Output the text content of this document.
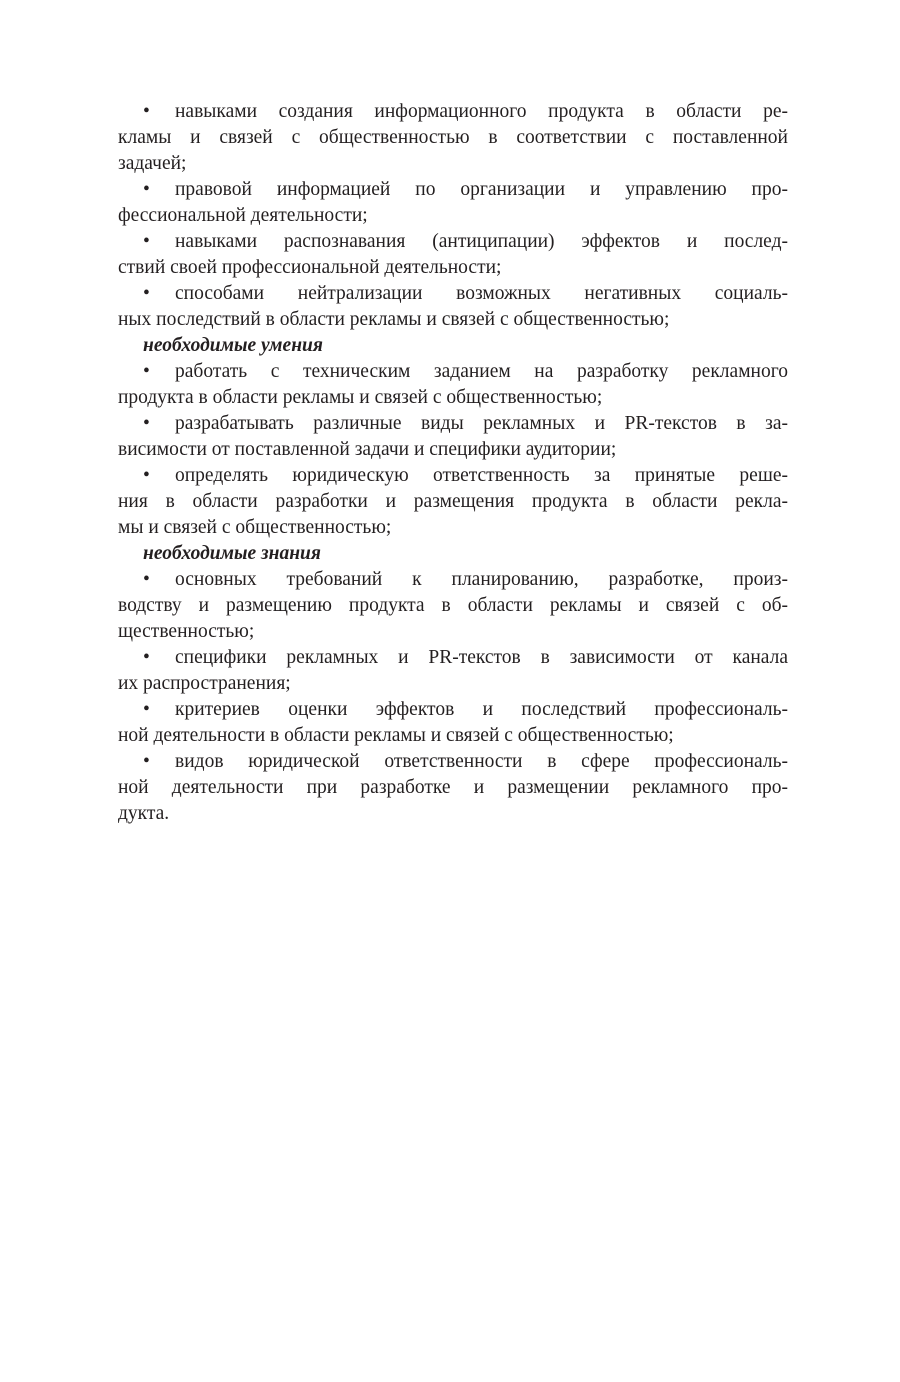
• навыками создания информационного продукта в области ре-
кламы и связей с общественностью в соответствии с поставленной
задачей;
• правовой информацией по организации и управлению про-
фессиональной деятельности;
• навыками распознавания (антиципации) эффектов и послед-
ствий своей профессиональной деятельности;
• способами нейтрализации возможных негативных социаль-
ных последствий в области рекламы и связей с общественностью;
необходимые умения
• работать с техническим заданием на разработку рекламного
продукта в области рекламы и связей с общественностью;
• разрабатывать различные виды рекламных и PR-текстов в за-
висимости от поставленной задачи и специфики аудитории;
• определять юридическую ответственность за принятые реше-
ния в области разработки и размещения продукта в области рекла-
мы и связей с общественностью;
необходимые знания
• основных требований к планированию, разработке, произ-
водству и размещению продукта в области рекламы и связей с об-
щественностью;
• специфики рекламных и PR-текстов в зависимости от канала
их распространения;
• критериев оценки эффектов и последствий профессиональ-
ной деятельности в области рекламы и связей с общественностью;
• видов юридической ответственности в сфере профессиональ-
ной деятельности при разработке и размещении рекламного про-
дукта.
